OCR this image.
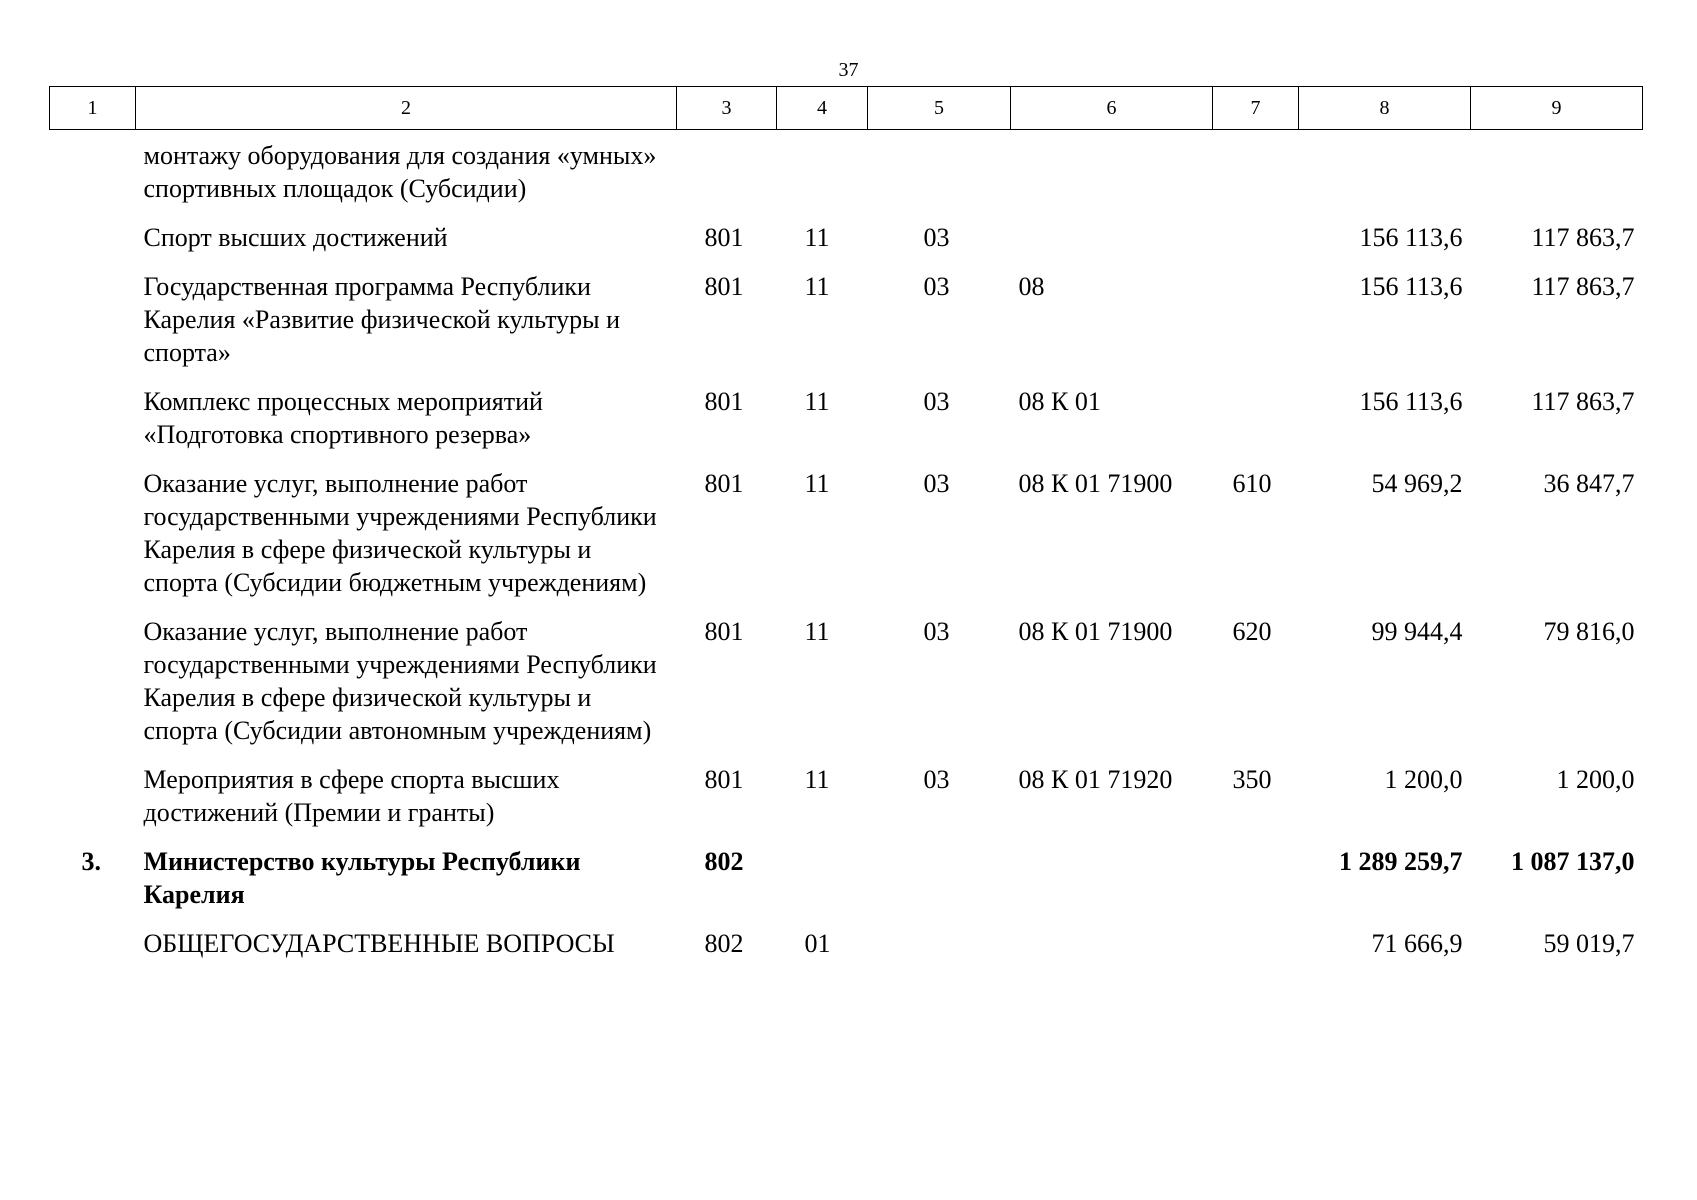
37
1	2	3	4	5	6	7	8	9
	монтажу оборудования для создания «умных» спортивных площадок (Субсидии)							
	Спорт высших достижений	801	11	03			156 113,6	117 863,7
	Государственная программа Республики Карелия «Развитие физической культуры и спорта»	801	11	03	08		156 113,6	117 863,7
	Комплекс процессных мероприятий «Подготовка спортивного резерва»	801	11	03	08 К 01		156 113,6	117 863,7
	Оказание услуг, выполнение работ государственными учреждениями Республики Карелия в сфере физической культуры и спорта (Субсидии бюджетным учреждениям)	801	11	03	08 К 01 71900	610	54 969,2	36 847,7
	Оказание услуг, выполнение работ государственными учреждениями Республики Карелия в сфере физической культуры и спорта (Субсидии автономным учреждениям)	801	11	03	08 К 01 71900	620	99 944,4	79 816,0
	Мероприятия в сфере спорта высших достижений (Премии и гранты)	801	11	03	08 К 01 71920	350	1 200,0	1 200,0
3.	Министерство культуры Республики Карелия	802					1 289 259,7	1 087 137,0
	ОБЩЕГОСУДАРСТВЕННЫЕ ВОПРОСЫ	802	01				71 666,9	59 019,7
